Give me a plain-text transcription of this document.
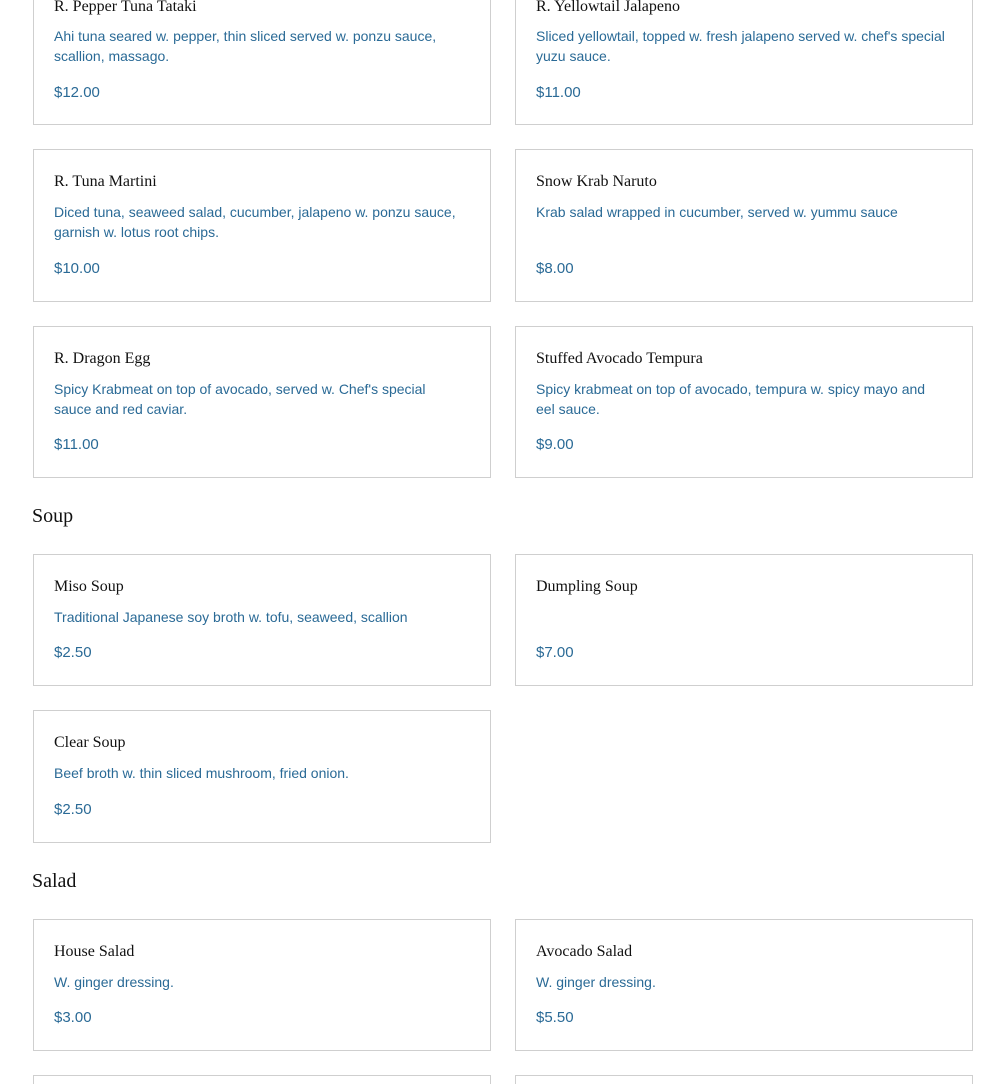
R. Pepper Tuna Tataki
Ahi tuna seared w. pepper, thin sliced served w. ponzu sauce, scallion, massago.
$12.00
R. Yellowtail Jalapeno
Sliced yellowtail, topped w. fresh jalapeno served w. chef's special yuzu sauce.
$11.00
R. Tuna Martini
Diced tuna, seaweed salad, cucumber, jalapeno w. ponzu sauce, garnish w. lotus root chips.
$10.00
Snow Krab Naruto
Krab salad wrapped in cucumber, served w. yummu sauce
$8.00
R. Dragon Egg
Spicy Krabmeat on top of avocado, served w. Chef's special sauce and red caviar.
$11.00
Stuffed Avocado Tempura
Spicy krabmeat on top of avocado, tempura w. spicy mayo and eel sauce.
$9.00
Soup
Miso Soup
Traditional Japanese soy broth w. tofu, seaweed, scallion
$2.50
Dumpling Soup
$7.00
Clear Soup
Beef broth w. thin sliced mushroom, fried onion.
$2.50
Salad
House Salad
W. ginger dressing.
$3.00
Avocado Salad
W. ginger dressing.
$5.50
